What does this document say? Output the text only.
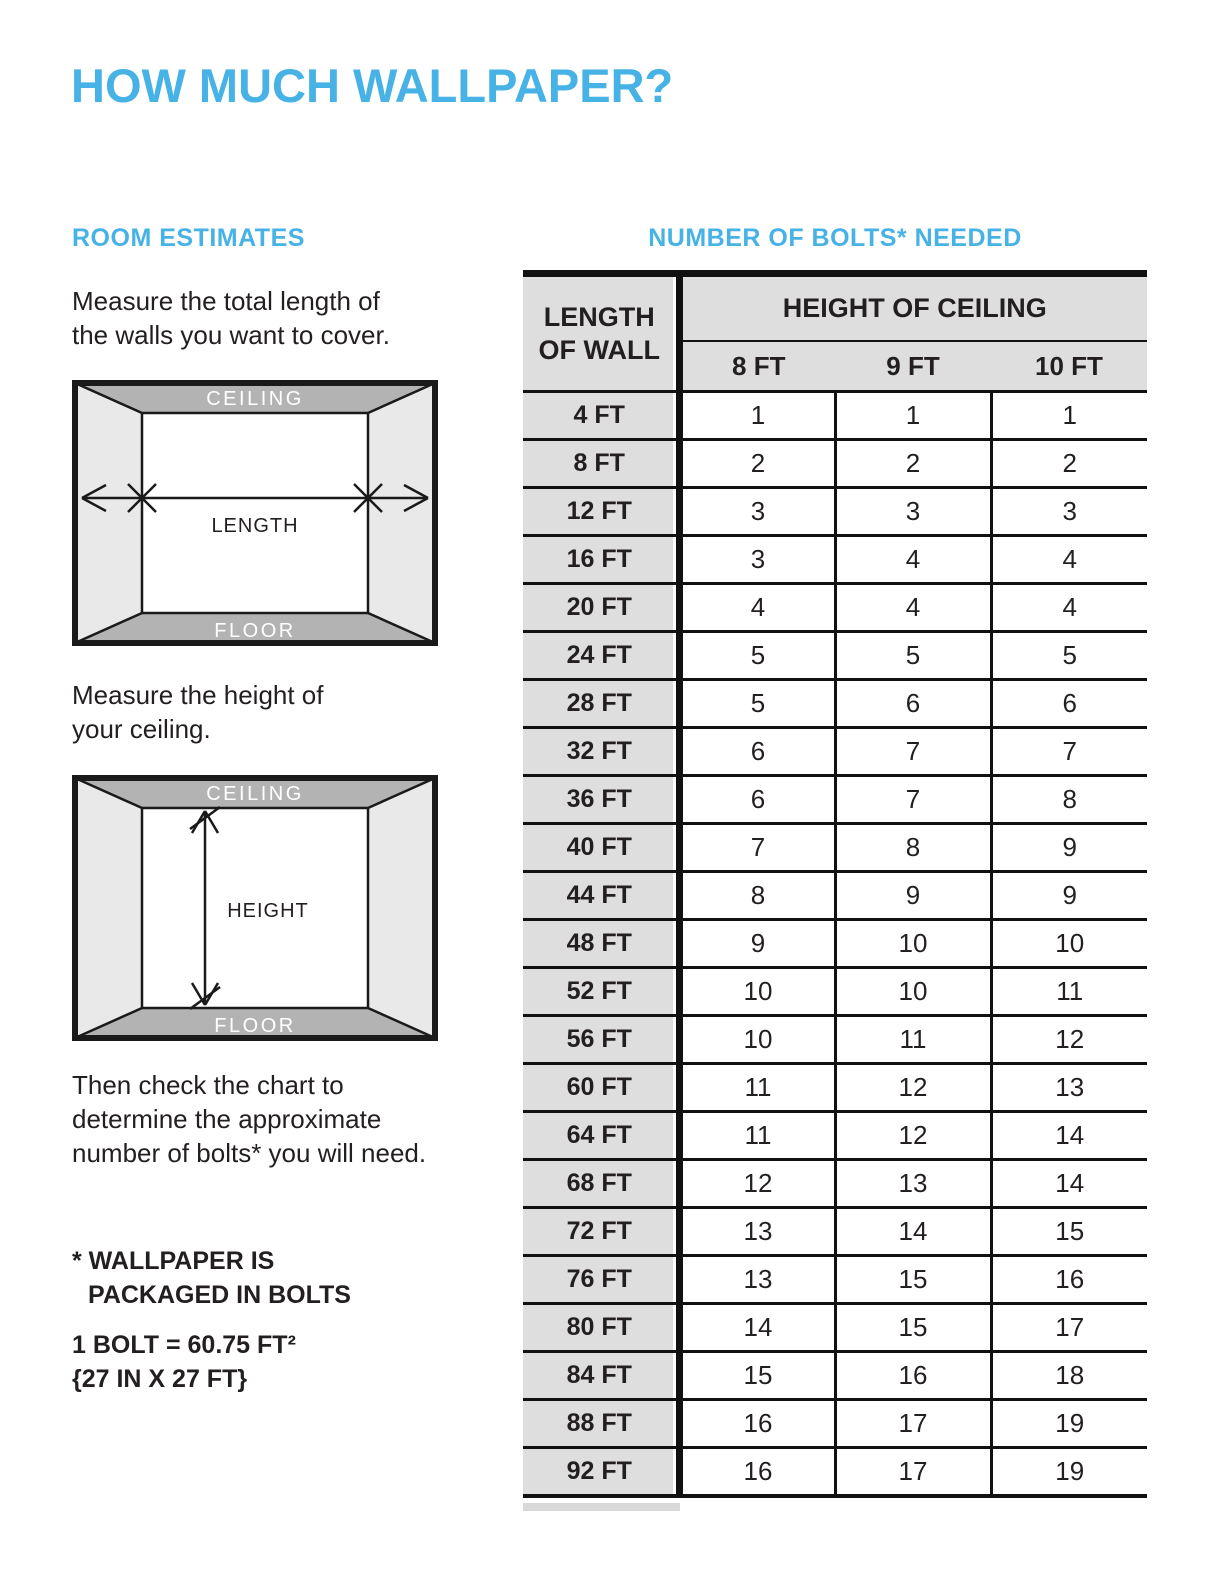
HOW MUCH WALLPAPER?
ROOM ESTIMATES
Measure the total length of
the walls you want to cover.
CEILING
FLOOR
LENGTH
Measure the height of
your ceiling.
CEILING
FLOOR
HEIGHT
Then check the chart to
determine the approximate
number of bolts* you will need.
* WALLPAPER IS
PACKAGED IN BOLTS
1 BOLT = 60.75 FT²
{27 IN X 27 FT}
NUMBER OF BOLTS* NEEDED
LENGTH OF WALL	HEIGHT OF CEILING		
	8 FT	9 FT	10 FT
4 FT	1	1	1
8 FT	2	2	2
12 FT	3	3	3
16 FT	3	4	4
20 FT	4	4	4
24 FT	5	5	5
28 FT	5	6	6
32 FT	6	7	7
36 FT	6	7	8
40 FT	7	8	9
44 FT	8	9	9
48 FT	9	10	10
52 FT	10	10	11
56 FT	10	11	12
60 FT	11	12	13
64 FT	11	12	14
68 FT	12	13	14
72 FT	13	14	15
76 FT	13	15	16
80 FT	14	15	17
84 FT	15	16	18
88 FT	16	17	19
92 FT	16	17	19
